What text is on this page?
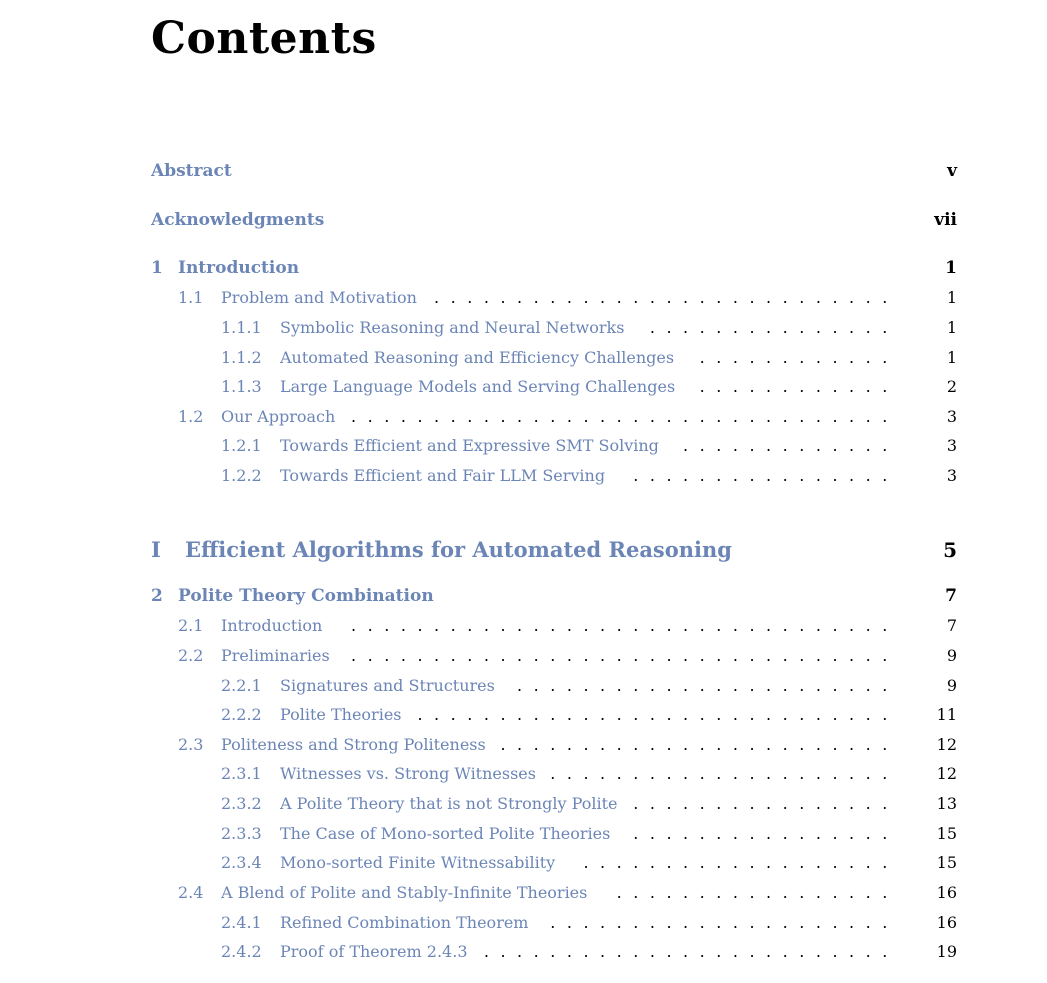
Contents
Abstract	v
Acknowledgments	vii
1 Introduction	1
. . . . . . . . . . . . . . . . . . . . . . . . . . . .
1.1 Problem and Motivation	1
. . . . . . . . . . . . . . .
1.1.1 Symbolic Reasoning and Neural Networks	1
. . . . . . . . . . . .
1.1.2 Automated Reasoning and Efficiency Challenges	1
. . . . . . . . . . . .
1.1.3 Large Language Models and Serving Challenges	2
. . . . . . . . . . . . . . . . . . . . . . . . . . . . . . . . .
1.2 Our Approach	3
. . . . . . . . . . . . .
1.2.1 Towards Efficient and Expressive SMT Solving	3
. . . . . . . . . . . . . . . .
1.2.2 Towards Efficient and Fair LLM Serving	3
I Efficient Algorithms for Automated Reasoning	5
2 Polite Theory Combination	7
. . . . . . . . . . . . . . . . . . . . . . . . . . . . . . . . .
2.1 Introduction	7
. . . . . . . . . . . . . . . . . . . . . . . . . . . . . . . . .
2.2 Preliminaries	9
. . . . . . . . . . . . . . . . . . . . . . .
2.2.1 Signatures and Structures	9
. . . . . . . . . . . . . . . . . . . . . . . . . . . . .
2.2.2 Polite Theories	11
. . . . . . . . . . . . . . . . . . . . . . . .
2.3 Politeness and Strong Politeness	12
. . . . . . . . . . . . . . . . . . . . .
2.3.1 Witnesses vs. Strong Witnesses	12
. . . . . . . . . . . . . . . .
2.3.2 A Polite Theory that is not Strongly Polite	13
. . . . . . . . . . . . . . . .
2.3.3 The Case of Mono-sorted Polite Theories	15
. . . . . . . . . . . . . . . . . . .
2.3.4 Mono-sorted Finite Witnessability	15
. . . . . . . . . . . . . . . . .
2.4 A Blend of Polite and Stably-Infinite Theories	16
. . . . . . . . . . . . . . . . . . . . .
2.4.1 Refined Combination Theorem	16
. . . . . . . . . . . . . . . . . . . . . . . . .
2.4.2 Proof of Theorem 2.4.3	19
